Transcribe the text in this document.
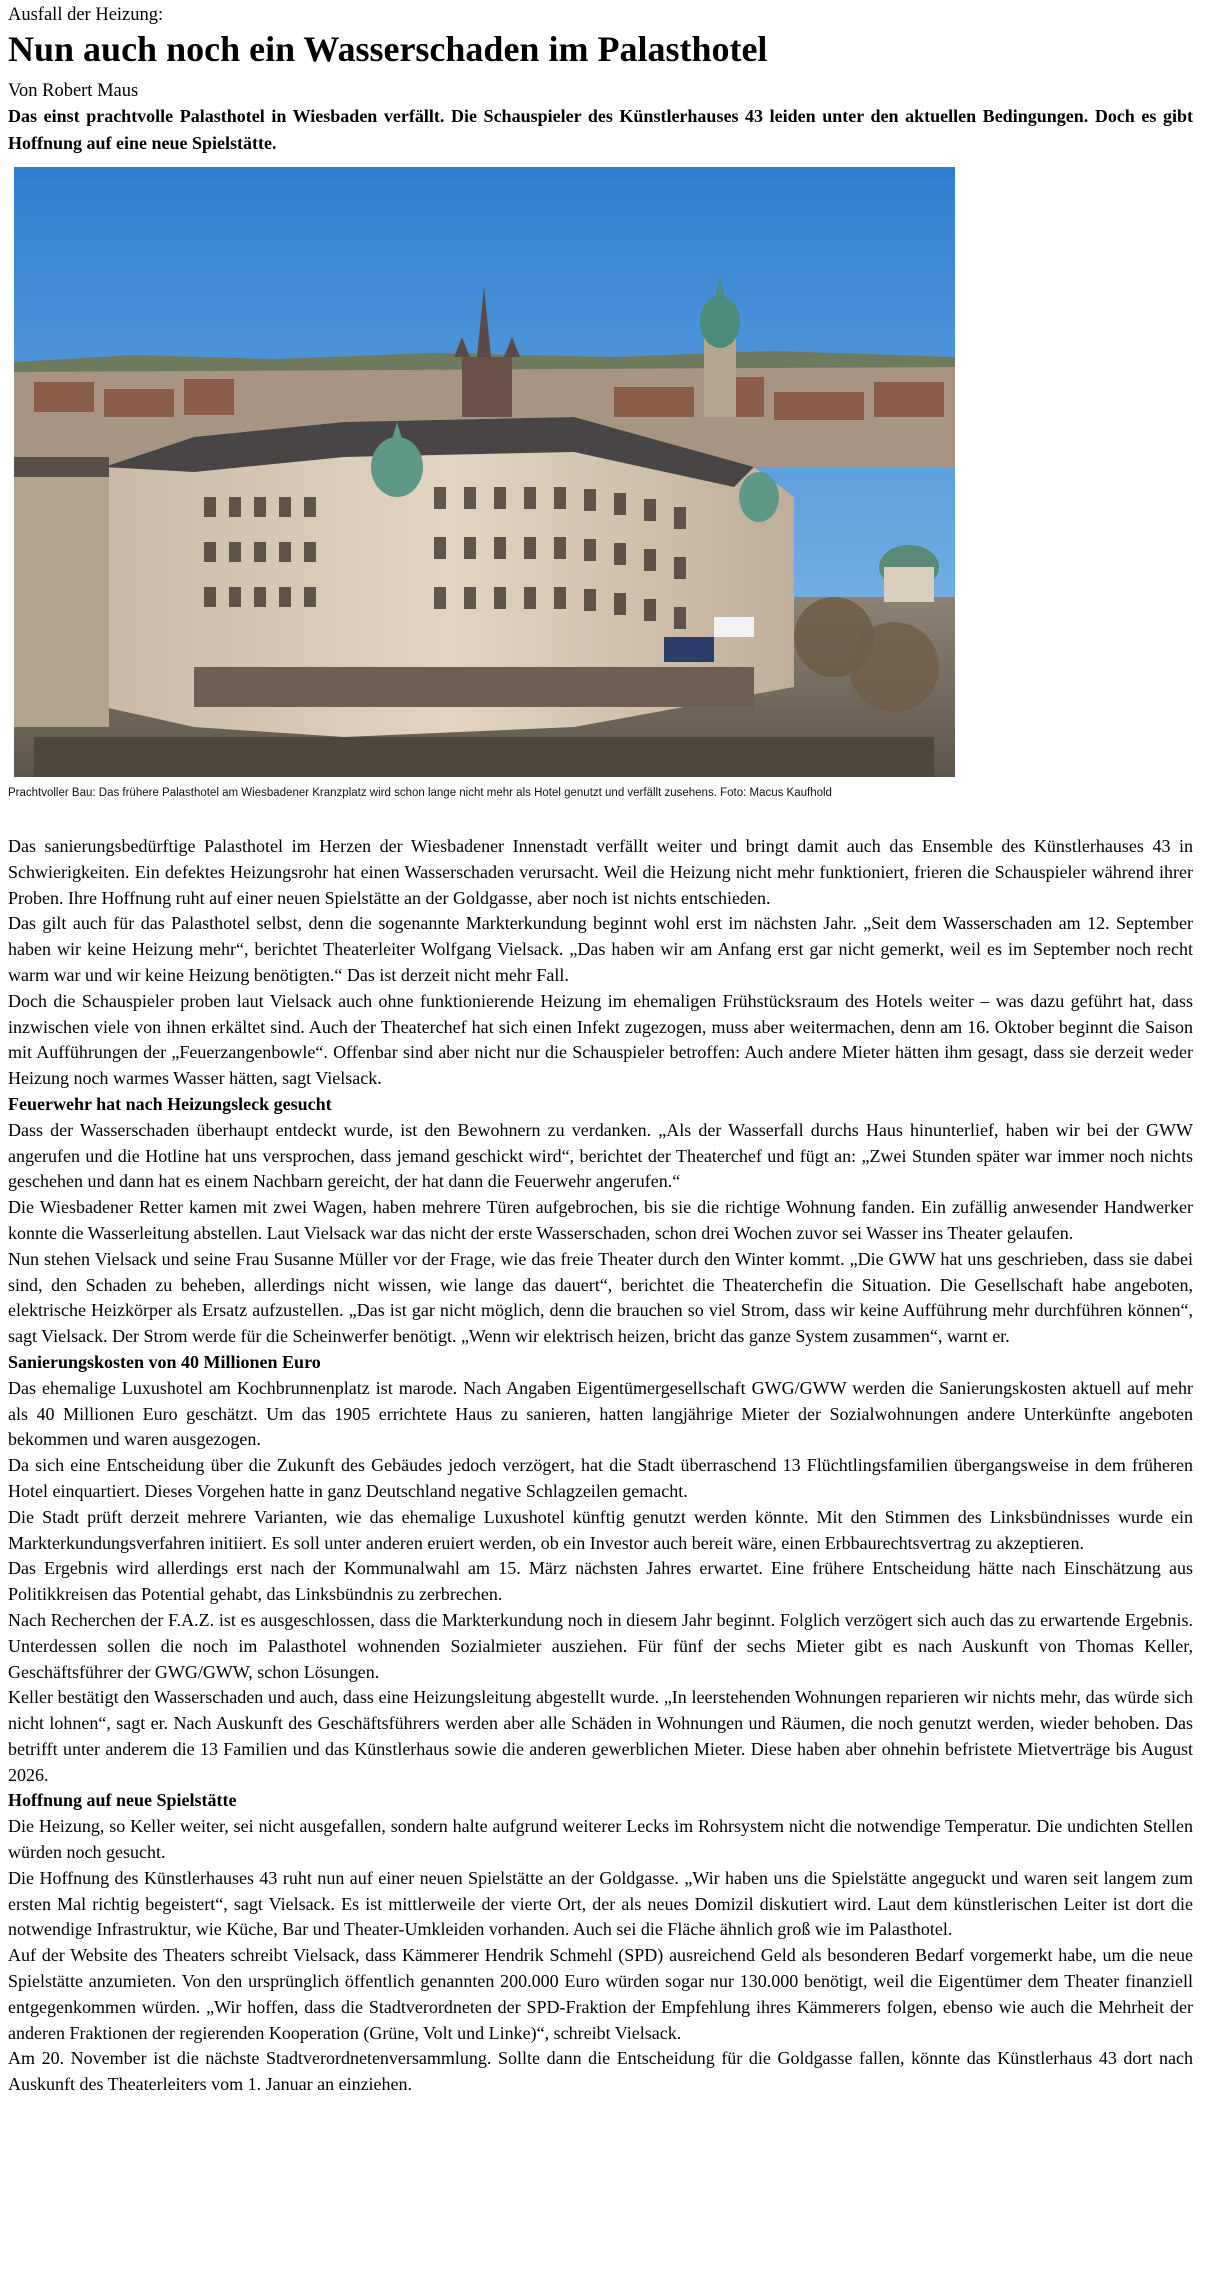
Ausfall der Heizung:
Nun auch noch ein Wasserschaden im Palasthotel
Von Robert Maus

Das einst prachtvolle Palasthotel in Wiesbaden verfällt. Die Schauspieler des Künstlerhauses 43 leiden unter den aktuellen Bedingungen. Doch es gibt Hoffnung auf eine neue Spielstätte.

Prachtvoller Bau: Das frühere Palasthotel am Wiesbadener Kranzplatz wird schon lange nicht mehr als Hotel genutzt und verfällt zusehens. Foto: Macus Kaufhold

Das sanierungsbedürftige Palasthotel im Herzen der Wiesbadener Innenstadt verfällt weiter und bringt damit auch das Ensemble des Künstlerhauses 43 in Schwierigkeiten. Ein defektes Heizungsrohr hat einen Wasserschaden verursacht. Weil die Heizung nicht mehr funktioniert, frieren die Schauspieler während ihrer Proben. Ihre Hoffnung ruht auf einer neuen Spielstätte an der Goldgasse, aber noch ist nichts entschieden.

Das gilt auch für das Palasthotel selbst, denn die sogenannte Markterkundung beginnt wohl erst im nächsten Jahr. „Seit dem Wasserschaden am 12. September haben wir keine Heizung mehr“, berichtet Theaterleiter Wolfgang Vielsack. „Das haben wir am Anfang erst gar nicht gemerkt, weil es im September noch recht warm war und wir keine Heizung benötigten.“ Das ist derzeit nicht mehr Fall.

Doch die Schauspieler proben laut Vielsack auch ohne funktionierende Heizung im ehemaligen Frühstücksraum des Hotels weiter – was dazu geführt hat, dass inzwischen viele von ihnen erkältet sind. Auch der Theaterchef hat sich einen Infekt zugezogen, muss aber weitermachen, denn am 16. Oktober beginnt die Saison mit Aufführungen der „Feuerzangenbowle“. Offenbar sind aber nicht nur die Schauspieler betroffen: Auch andere Mieter hätten ihm gesagt, dass sie derzeit weder Heizung noch warmes Wasser hätten, sagt Vielsack.

Feuerwehr hat nach Heizungsleck gesucht

Dass der Wasserschaden überhaupt entdeckt wurde, ist den Bewohnern zu verdanken. „Als der Wasserfall durchs Haus hinunterlief, haben wir bei der GWW angerufen und die Hotline hat uns versprochen, dass jemand geschickt wird“, berichtet der Theaterchef und fügt an: „Zwei Stunden später war immer noch nichts geschehen und dann hat es einem Nachbarn gereicht, der hat dann die Feuerwehr angerufen.“

Die Wiesbadener Retter kamen mit zwei Wagen, haben mehrere Türen aufgebrochen, bis sie die richtige Wohnung fanden. Ein zufällig anwesender Handwerker konnte die Wasserleitung abstellen. Laut Vielsack war das nicht der erste Wasserschaden, schon drei Wochen zuvor sei Wasser ins Theater gelaufen.

Nun stehen Vielsack und seine Frau Susanne Müller vor der Frage, wie das freie Theater durch den Winter kommt. „Die GWW hat uns geschrieben, dass sie dabei sind, den Schaden zu beheben, allerdings nicht wissen, wie lange das dauert“, berichtet die Theaterchefin die Situation. Die Gesellschaft habe angeboten, elektrische Heizkörper als Ersatz aufzustellen. „Das ist gar nicht möglich, denn die brauchen so viel Strom, dass wir keine Aufführung mehr durchführen können“, sagt Vielsack. Der Strom werde für die Scheinwerfer benötigt. „Wenn wir elektrisch heizen, bricht das ganze System zusammen“, warnt er.

Sanierungskosten von 40 Millionen Euro

Das ehemalige Luxushotel am Kochbrunnenplatz ist marode. Nach Angaben Eigentümergesellschaft GWG/GWW werden die Sanierungskosten aktuell auf mehr als 40 Millionen Euro geschätzt. Um das 1905 errichtete Haus zu sanieren, hatten langjährige Mieter der Sozialwohnungen andere Unterkünfte angeboten bekommen und waren ausgezogen.

Da sich eine Entscheidung über die Zukunft des Gebäudes jedoch verzögert, hat die Stadt überraschend 13 Flüchtlingsfamilien übergangsweise in dem früheren Hotel einquartiert. Dieses Vorgehen hatte in ganz Deutschland negative Schlagzeilen gemacht.

Die Stadt prüft derzeit mehrere Varianten, wie das ehemalige Luxushotel künftig genutzt werden könnte. Mit den Stimmen des Linksbündnisses wurde ein Markterkundungsverfahren initiiert. Es soll unter anderen eruiert werden, ob ein Investor auch bereit wäre, einen Erbbaurechtsvertrag zu akzeptieren.

Das Ergebnis wird allerdings erst nach der Kommunalwahl am 15. März nächsten Jahres erwartet. Eine frühere Entscheidung hätte nach Einschätzung aus Politikkreisen das Potential gehabt, das Linksbündnis zu zerbrechen.

Nach Recherchen der F.A.Z. ist es ausgeschlossen, dass die Markterkundung noch in diesem Jahr beginnt. Folglich verzögert sich auch das zu erwartende Ergebnis. Unterdessen sollen die noch im Palasthotel wohnenden Sozialmieter ausziehen. Für fünf der sechs Mieter gibt es nach Auskunft von Thomas Keller, Geschäftsführer der GWG/GWW, schon Lösungen.

Keller bestätigt den Wasserschaden und auch, dass eine Heizungsleitung abgestellt wurde. „In leerstehenden Wohnungen reparieren wir nichts mehr, das würde sich nicht lohnen“, sagt er. Nach Auskunft des Geschäftsführers werden aber alle Schäden in Wohnungen und Räumen, die noch genutzt werden, wieder behoben. Das betrifft unter anderem die 13 Familien und das Künstlerhaus sowie die anderen gewerblichen Mieter. Diese haben aber ohnehin befristete Mietverträge bis August 2026.

Hoffnung auf neue Spielstätte

Die Heizung, so Keller weiter, sei nicht ausgefallen, sondern halte aufgrund weiterer Lecks im Rohrsystem nicht die notwendige Temperatur. Die undichten Stellen würden noch gesucht.

Die Hoffnung des Künstlerhauses 43 ruht nun auf einer neuen Spielstätte an der Goldgasse. „Wir haben uns die Spielstätte angeguckt und waren seit langem zum ersten Mal richtig begeistert“, sagt Vielsack. Es ist mittlerweile der vierte Ort, der als neues Domizil diskutiert wird. Laut dem künstlerischen Leiter ist dort die notwendige Infrastruktur, wie Küche, Bar und Theater-Umkleiden vorhanden. Auch sei die Fläche ähnlich groß wie im Palasthotel.

Auf der Website des Theaters schreibt Vielsack, dass Kämmerer Hendrik Schmehl (SPD) ausreichend Geld als besonderen Bedarf vorgemerkt habe, um die neue Spielstätte anzumieten. Von den ursprünglich öffentlich genannten 200.000 Euro würden sogar nur 130.000 benötigt, weil die Eigentümer dem Theater finanziell entgegenkommen würden. „Wir hoffen, dass die Stadtverordneten der SPD-Fraktion der Empfehlung ihres Kämmerers folgen, ebenso wie auch die Mehrheit der anderen Fraktionen der regierenden Kooperation (Grüne, Volt und Linke)“, schreibt Vielsack.

Am 20. November ist die nächste Stadtverordnetenversammlung. Sollte dann die Entscheidung für die Goldgasse fallen, könnte das Künstlerhaus 43 dort nach Auskunft des Theaterleiters vom 1. Januar an einziehen.
